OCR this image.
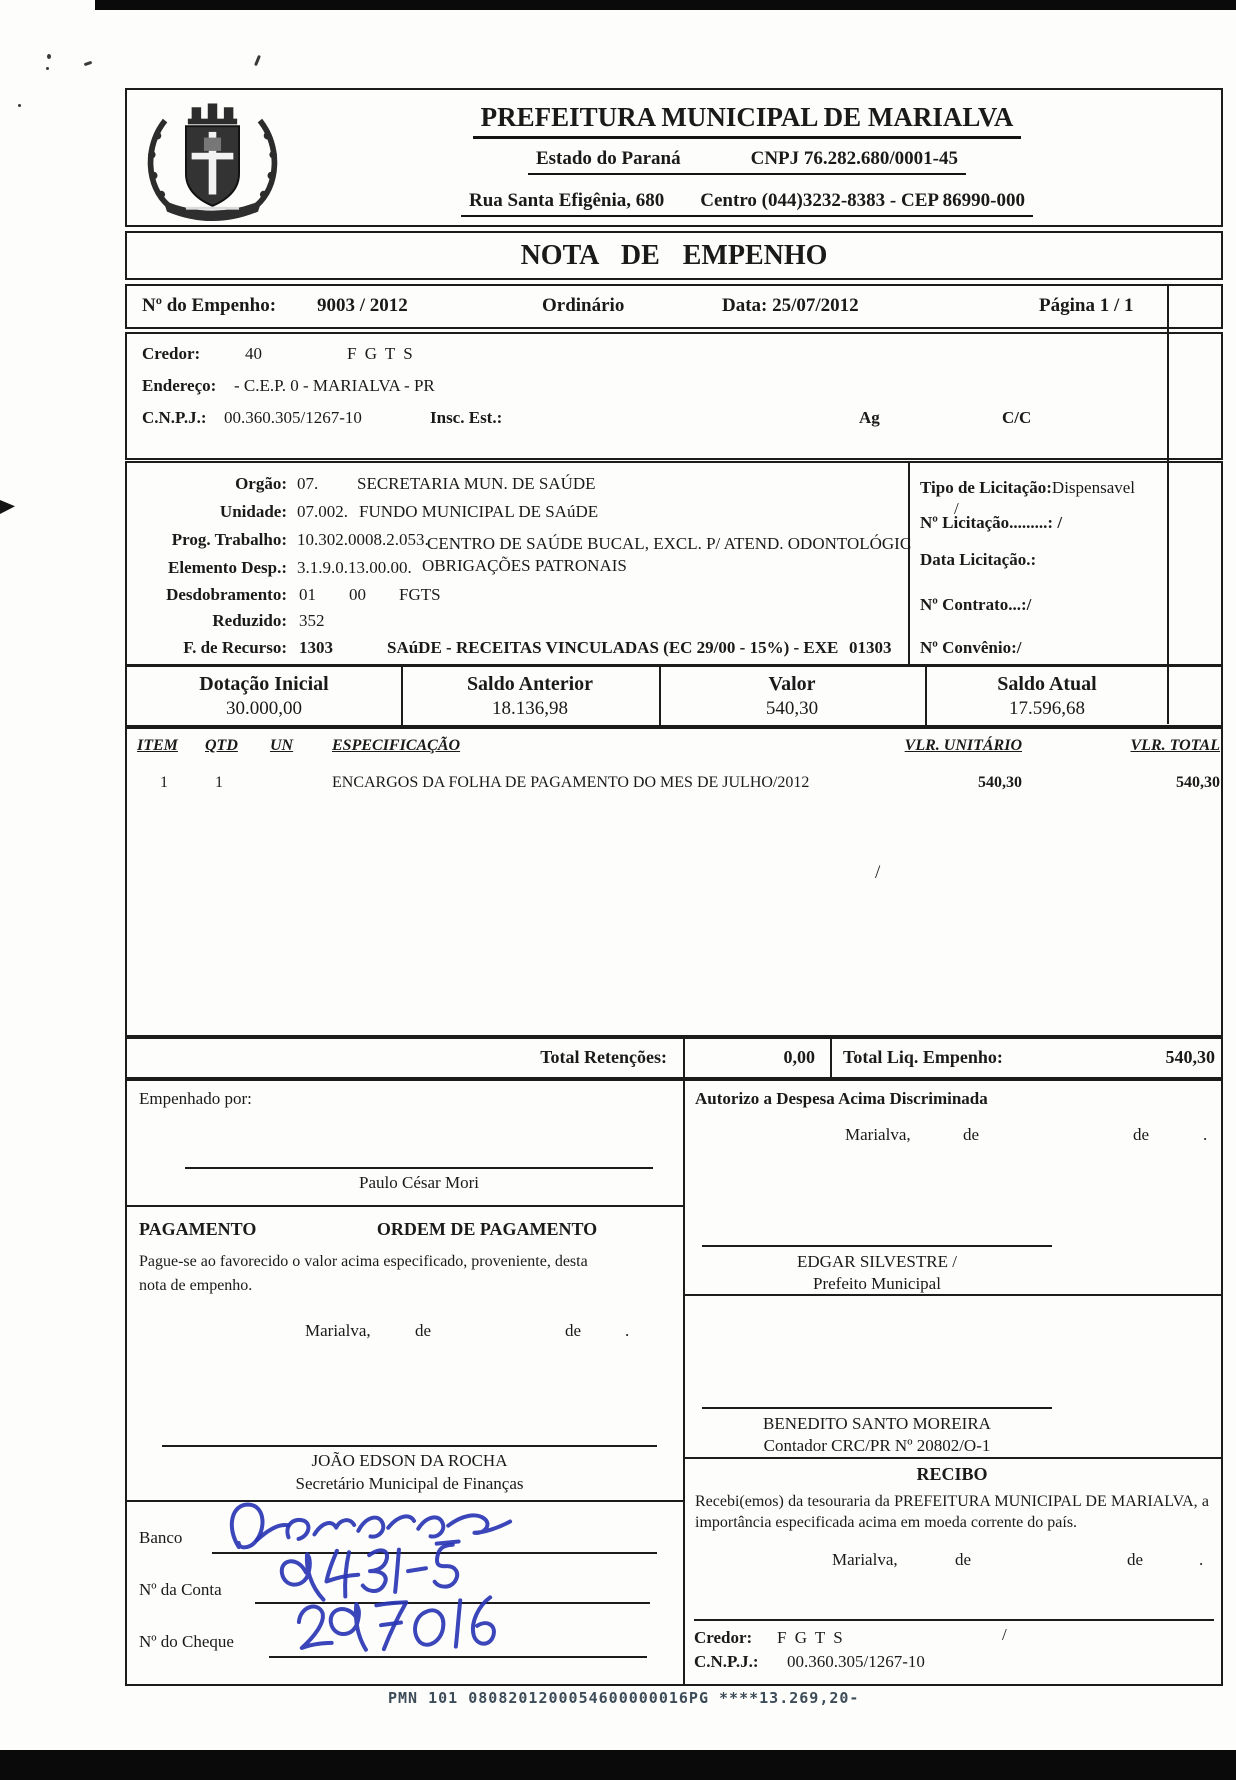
PREFEITURA MUNICIPAL DE MARIALVA
Estado do Paraná	CNPJ 76.282.680/0001-45
Rua Santa Efigênia, 680 Centro (044)3232-8383 - CEP 86990-000
NOTA DE EMPENHO
Nº do Empenho: 9003 / 2012	Ordinário	Data: 25/07/2012	Página 1 / 1
Credor:	40	F G T S
Endereço: - C.E.P. 0 - MARIALVA - PR
C.N.P.J.: 00.360.305/1267-10	Insc. Est.:	Ag	C/C
Orgão: 07. SECRETARIA MUN. DE SAÚDE
Unidade: 07.002. FUNDO MUNICIPAL DE SAúDE
Prog. Trabalho: 10.302.0008.2.053.
CENTRO DE SAÚDE BUCAL, EXCL. P/ ATEND. ODONTOLÓGIC
Elemento Desp.: 3.1.9.0.13.00.00. OBRIGAÇÕES PATRONAIS
Desdobramento: 01 00 FGTS
Reduzido: 352
F. de Recurso: 1303	SAúDE - RECEITAS VINCULADAS (EC 29/00 - 15%) - EXE 01303
Tipo de Licitação:Dispensavel
/
Nº Licitação.........: /
Data Licitação.:
Nº Contrato...:/
Nº Convênio:/
Dotação Inicial
30.000,00
Saldo Anterior
18.136,98
Valor
540,30
Saldo Atual
17.596,68
ITEM QTD UN ESPECIFICAÇÃO	VLR. UNITÁRIO	VLR. TOTAL
1	1	ENCARGOS DA FOLHA DE PAGAMENTO DO MES DE JULHO/2012	540,30	540,30
/
Total Retenções:	0,00 Total Liq. Empenho:	540,30
Empenhado por:
Paulo César Mori
PAGAMENTO	ORDEM DE PAGAMENTO
Pague-se ao favorecido o valor acima especificado, proveniente, desta
nota de empenho.
Marialva,	de	de	.
JOÃO EDSON DA ROCHA
Secretário Municipal de Finanças
Banco
Nº da Conta
Nº do Cheque
Autorizo a Despesa Acima Discriminada
Marialva,	de	de	.
EDGAR SILVESTRE /
Prefeito Municipal
BENEDITO SANTO MOREIRA
Contador CRC/PR Nº 20802/O-1
RECIBO
Recebi(emos) da tesouraria da PREFEITURA MUNICIPAL DE MARIALVA, a importância especificada acima em moeda corrente do país.
Marialva,	de	de	.
Credor: F G T S	/
C.N.P.J.: 00.360.305/1267-10
PMN 101 0808201200054600000016PG ****13.269,20-
